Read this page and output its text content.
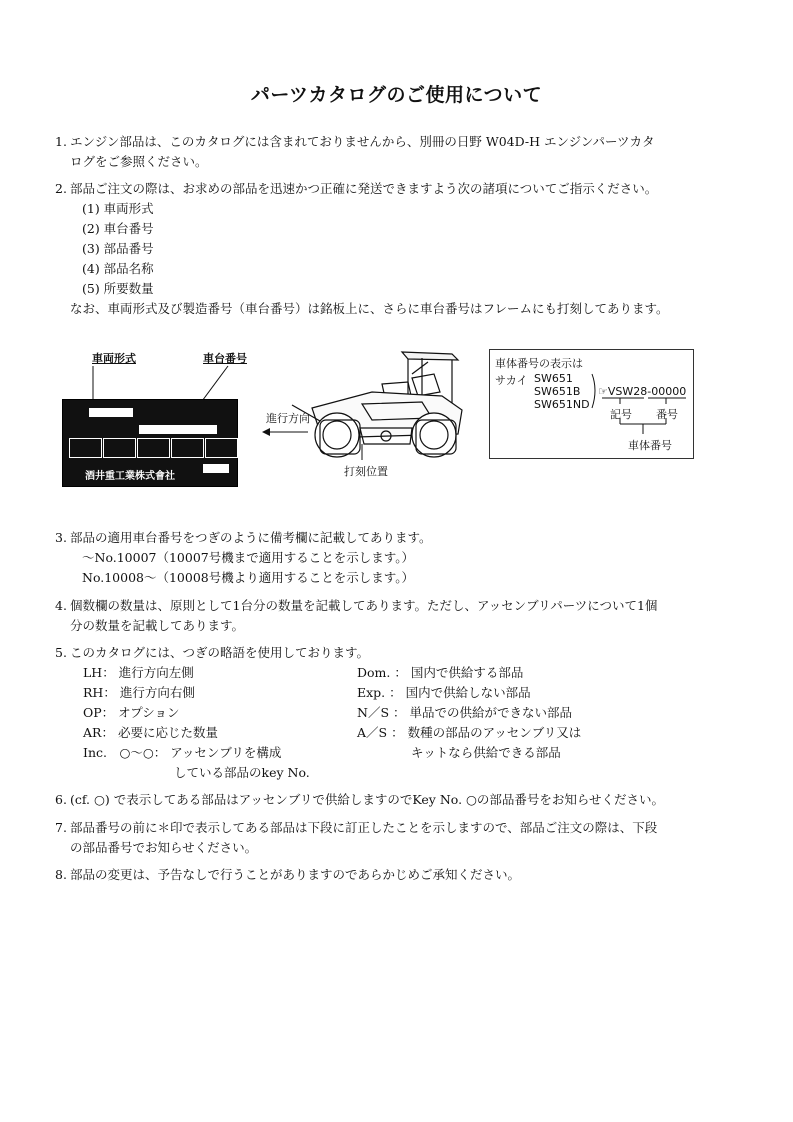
パーツカタログのご使用について
1. エンジン部品は、このカタログには含まれておりませんから、別冊の日野 W04D-H エンジンパーツカタ
ログをご参照ください。
2. 部品ご注文の際は、お求めの部品を迅速かつ正確に発送できますよう次の諸項についてご指示ください。
(1) 車両形式
(2) 車台番号
(3) 部品番号
(4) 部品名称
(5) 所要数量
なお、車両形式及び製造番号（車台番号）は銘板上に、さらに車台番号はフレームにも打刻してあります。
車両形式	車台番号
酒井重工業株式會社
進行方向
打刻位置
車体番号の表示は
サカイ SW651
SW651B
SW651ND
☞VSW28-00000
記号 番号
車体番号
3. 部品の適用車台番号をつぎのように備考欄に記載してあります。
～No.10007（10007号機まで適用することを示します。）
No.10008～（10008号機より適用することを示します。）
4. 個数欄の数量は、原則として1台分の数量を記載してあります。ただし、アッセンブリパーツについて1個
分の数量を記載してあります。
5. このカタログには、つぎの略語を使用しております。
LH： 進行方向左側
RH： 進行方向右側
OP： オプション
AR： 必要に応じた数量
Inc.　○～○： アッセンブリを構成
している部品のkey No.
Dom. ： 国内で供給する部品
Exp. ： 国内で供給しない部品
N／S ： 単品での供給ができない部品
A／S ： 数種の部品のアッセンブリ又は
キットなら供給できる部品
6. (cf. ○) で表示してある部品はアッセンブリで供給しますのでKey No. ○の部品番号をお知らせください。
7. 部品番号の前に＊印で表示してある部品は下段に訂正したことを示しますので、部品ご注文の際は、下段
の部品番号でお知らせください。
8. 部品の変更は、予告なしで行うことがありますのであらかじめご承知ください。
